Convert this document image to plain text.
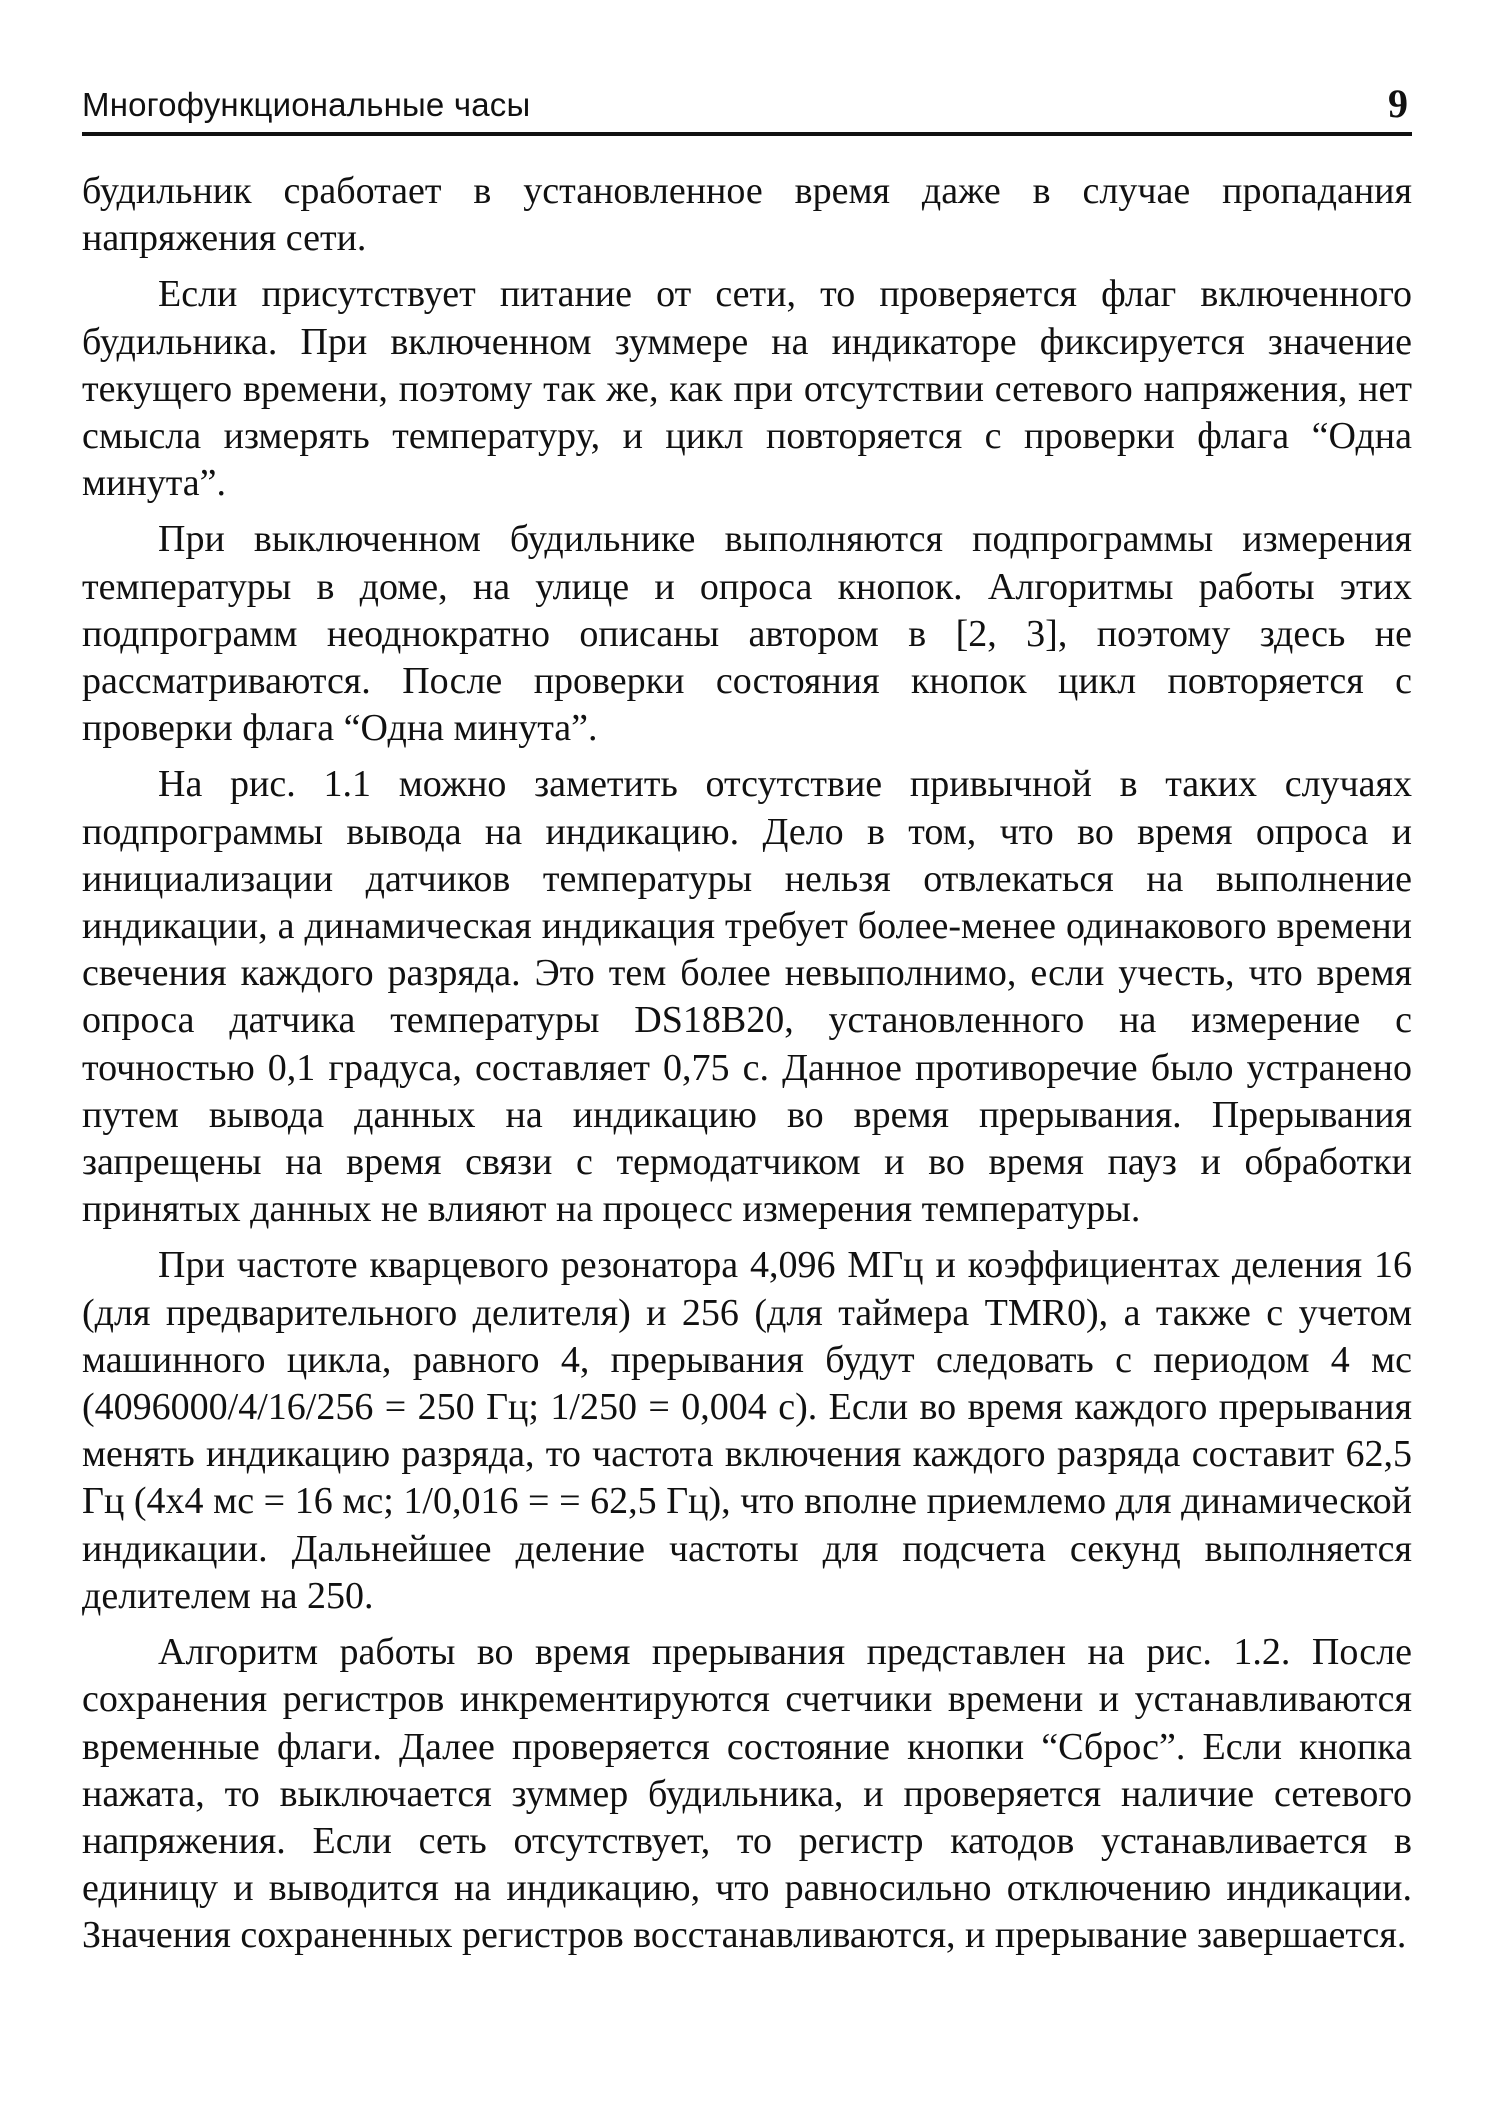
Многофункциональные часы	9

будильник сработает в установленное время даже в случае пропадания напряжения сети.

Если присутствует питание от сети, то проверяется флаг включенного будильника. При включенном зуммере на индикаторе фиксируется значение текущего времени, поэтому так же, как при отсутствии сетевого напряжения, нет смысла измерять температуру, и цикл повторяется с проверки флага “Одна минута”.

При выключенном будильнике выполняются подпрограммы измерения температуры в доме, на улице и опроса кнопок. Алгоритмы работы этих подпрограмм неоднократно описаны автором в [2, 3], поэтому здесь не рассматриваются. После проверки состояния кнопок цикл повторяется с проверки флага “Одна минута”.

На рис. 1.1 можно заметить отсутствие привычной в таких случаях подпрограммы вывода на индикацию. Дело в том, что во время опроса и инициализации датчиков температуры нельзя отвлекаться на выполнение индикации, а динамическая индикация требует более-менее одинакового времени свечения каждого разряда. Это тем более невыполнимо, если учесть, что время опроса датчика температуры DS18B20, установленного на измерение с точностью 0,1 градуса, составляет 0,75 с. Данное противоречие было устранено путем вывода данных на индикацию во время прерывания. Прерывания запрещены на время связи с термодатчиком и во время пауз и обработки принятых данных не влияют на процесс измерения температуры.

При частоте кварцевого резонатора 4,096 МГц и коэффициентах деления 16 (для предварительного делителя) и 256 (для таймера TMR0), а также с учетом машинного цикла, равного 4, прерывания будут следовать с периодом 4 мс (4096000/4/16/256 = 250 Гц; 1/250 = 0,004 с). Если во время каждого прерывания менять индикацию разряда, то частота включения каждого разряда составит 62,5 Гц (4х4 мс = 16 мс; 1/0,016 = = 62,5 Гц), что вполне приемлемо для динамической индикации. Дальнейшее деление частоты для подсчета секунд выполняется делителем на 250.

Алгоритм работы во время прерывания представлен на рис. 1.2. После сохранения регистров инкрементируются счетчики времени и устанавливаются временные флаги. Далее проверяется состояние кнопки “Сброс”. Если кнопка нажата, то выключается зуммер будильника, и проверяется наличие сетевого напряжения. Если сеть отсутствует, то регистр катодов устанавливается в единицу и выводится на индикацию, что равносильно отключению индикации. Значения сохраненных регистров восстанавливаются, и прерывание завершается.
